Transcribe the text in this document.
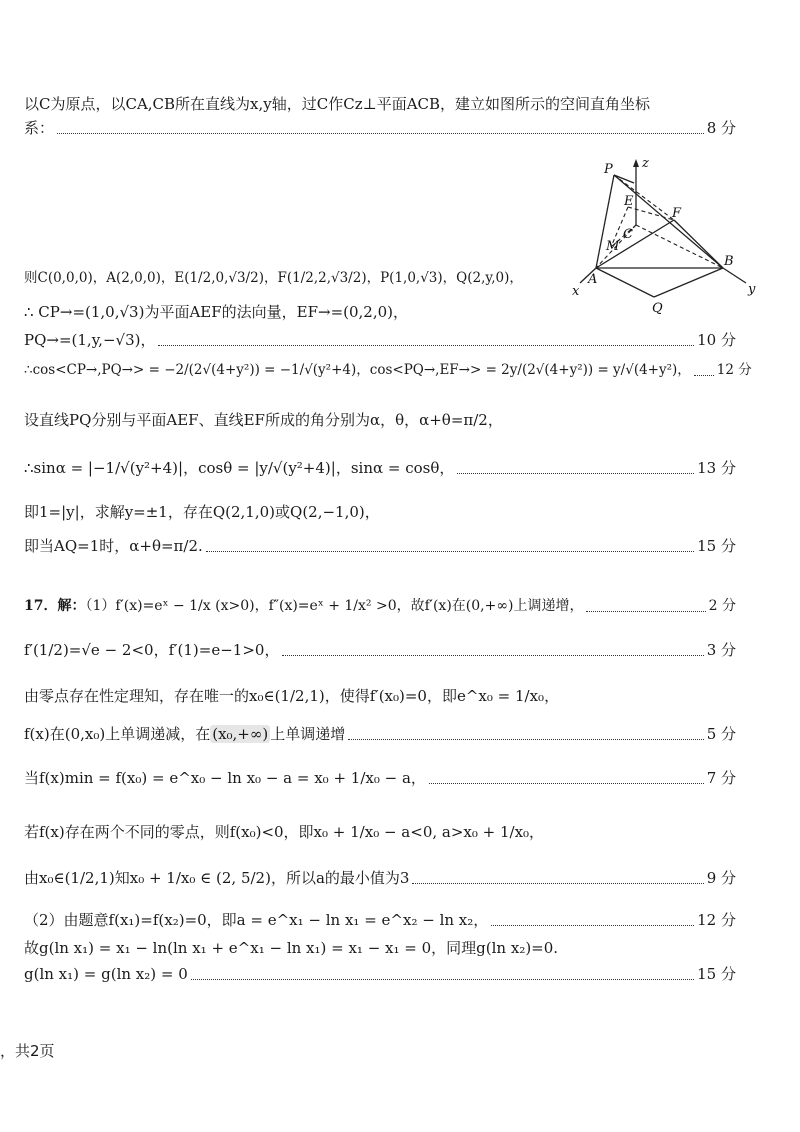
以C为原点，以CA,CB所在直线为x,y轴，过C作Cz⊥平面ACB，建立如图所示的空间直角坐标
系：	8 分
P z
E
F
C
M
A
B
x	y
Q
则C(0,0,0)，A(2,0,0)，E(1/2,0,√3/2)，F(1/2,2,√3/2)，P(1,0,√3)，Q(2,y,0)，
∴ CP→=(1,0,√3)为平面AEF的法向量，EF→=(0,2,0)，
PQ→=(1,y,−√3)，	10 分
∴cos<CP→,PQ→> = −2/(2√(4+y²)) = −1/√(y²+4)，cos<PQ→,EF→> = 2y/(2√(4+y²)) = y/√(4+y²)， 12 分
设直线PQ分别与平面AEF、直线EF所成的角分别为α，θ，α+θ=π/2，
∴sinα = |−1/√(y²+4)|，cosθ = |y/√(y²+4)|，sinα = cosθ，	13 分
即1=|y|，求解y=±1，存在Q(2,1,0)或Q(2,−1,0)，
即当AQ=1时，α+θ=π/2.	15 分
17．解：（1）f′(x)=eˣ − 1/x (x>0)，f″(x)=eˣ + 1/x² >0，故f′(x)在(0,+∞)上调递增，	2 分
f′(1/2)=√e − 2<0，f′(1)=e−1>0，	3 分
由零点存在性定理知，存在唯一的x₀∈(1/2,1)，使得f′(x₀)=0，即e^x₀ = 1/x₀，
f(x)在(0,x₀)上单调递减，在 (x₀,+∞) 上单调递增	5 分
当f(x)min = f(x₀) = e^x₀ − ln x₀ − a = x₀ + 1/x₀ − a，	7 分
若f(x)存在两个不同的零点，则f(x₀)<0，即x₀ + 1/x₀ − a<0, a>x₀ + 1/x₀，
由x₀∈(1/2,1)知x₀ + 1/x₀ ∈ (2, 5/2)，所以a的最小值为3	9 分
（2）由题意f(x₁)=f(x₂)=0，即a = e^x₁ − ln x₁ = e^x₂ − ln x₂，	12 分
故g(ln x₁) = x₁ − ln(ln x₁ + e^x₁ − ln x₁) = x₁ − x₁ = 0，同理g(ln x₂)=0.
g(ln x₁) = g(ln x₂) = 0	15 分
，共2页
